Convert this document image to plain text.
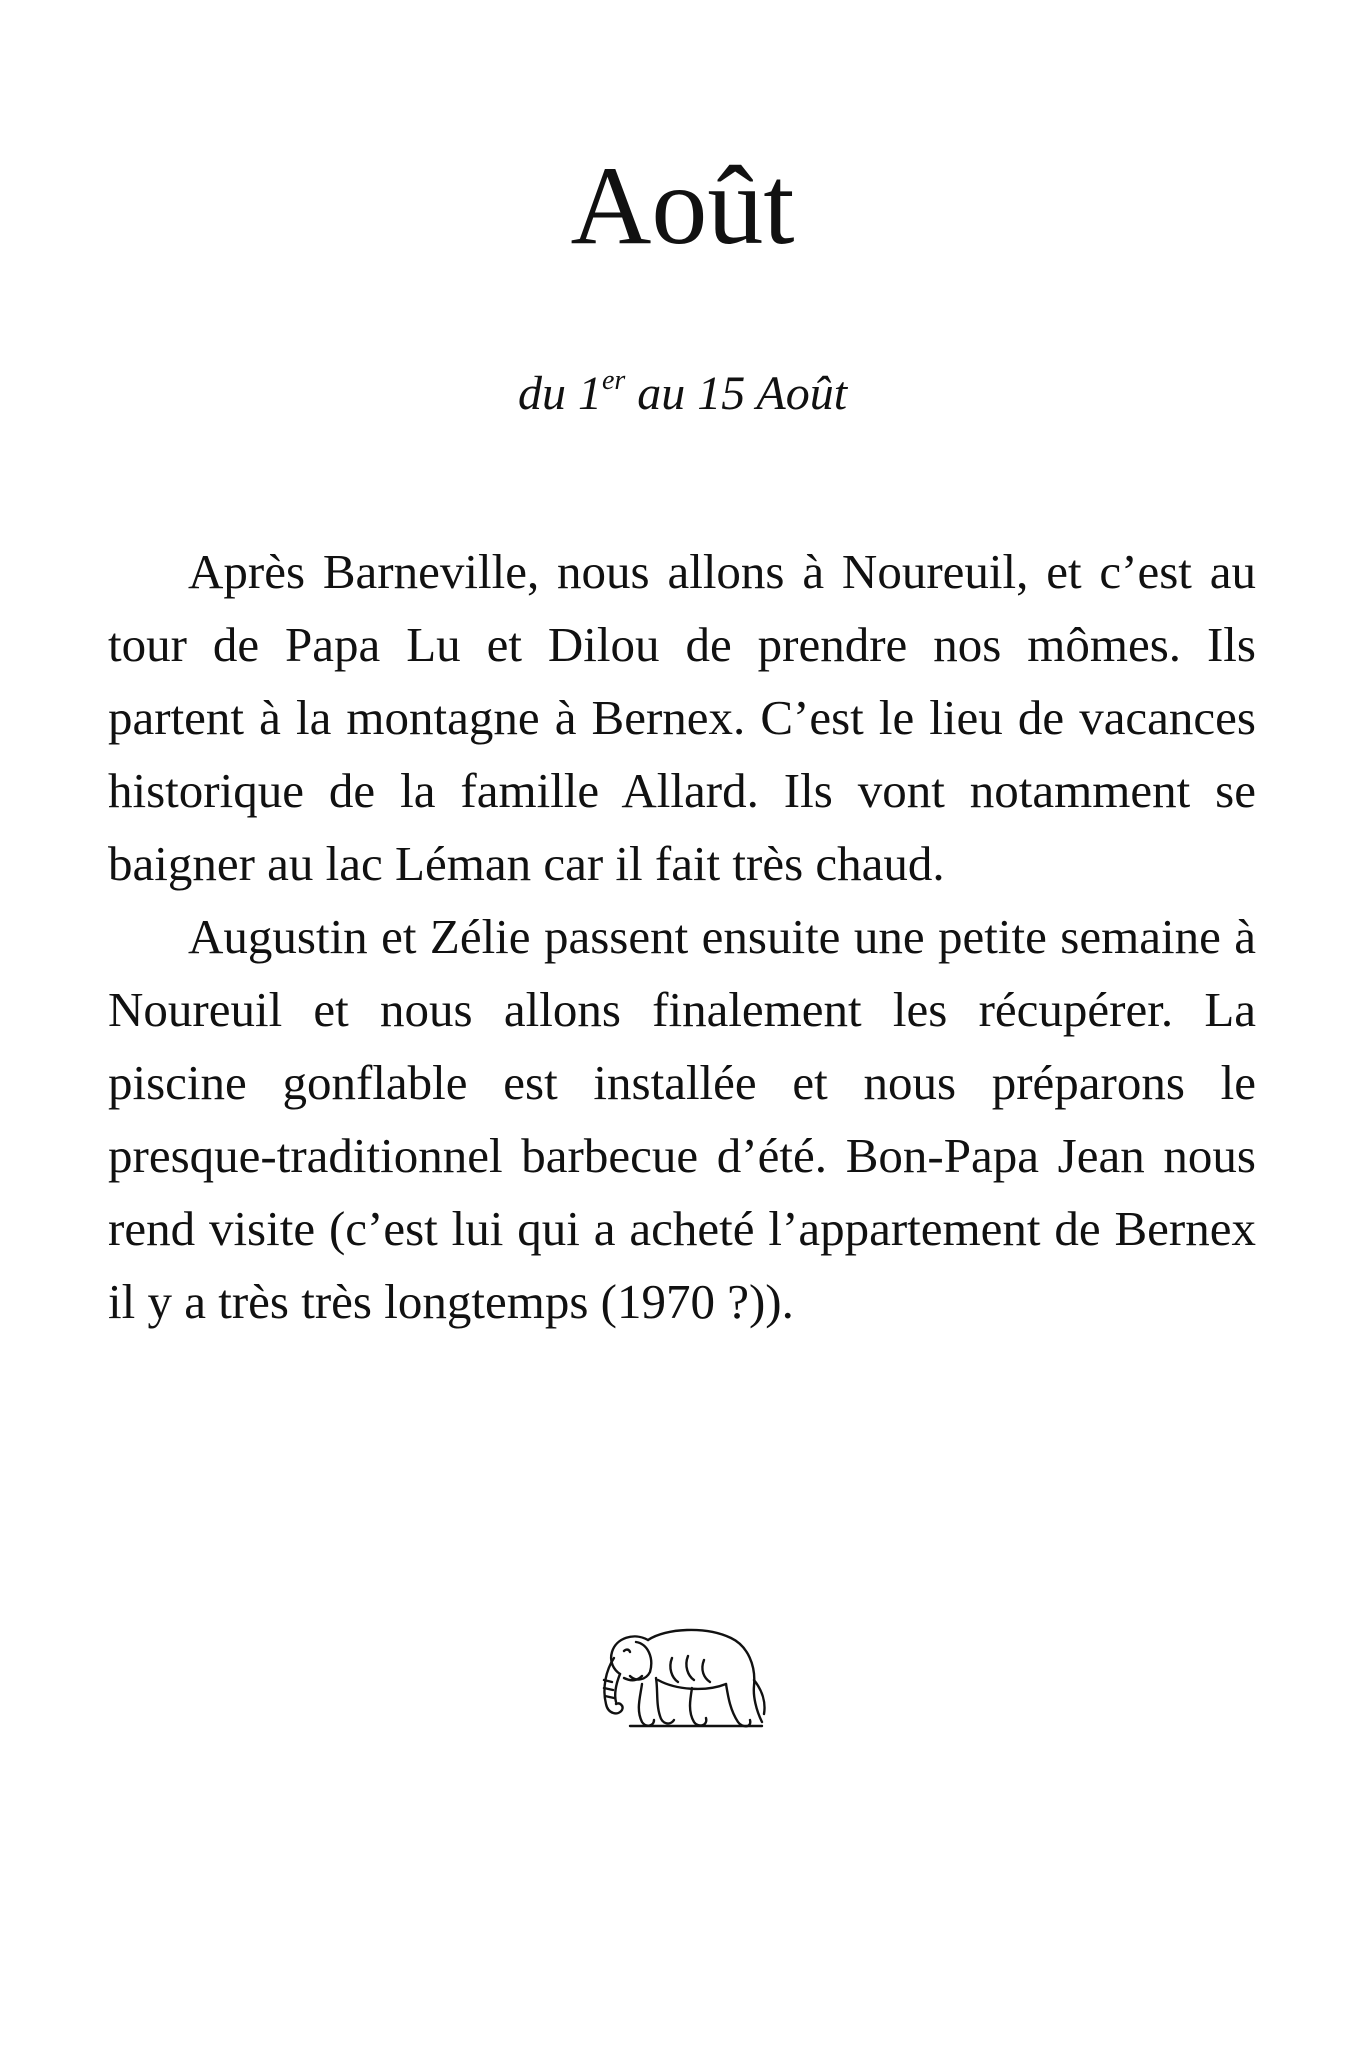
Août
du 1er au 15 Août

Après Barneville, nous allons à Noureuil, et c’est au tour de Papa Lu et Dilou de prendre nos mômes. Ils partent à la montagne à Bernex. C’est le lieu de vacances historique de la famille Allard. Ils vont notamment se baigner au lac Léman car il fait très chaud.

Augustin et Zélie passent ensuite une petite semaine à Noureuil et nous allons finalement les récupérer. La piscine gonflable est installée et nous préparons le presque-traditionnel barbecue d’été. Bon-Papa Jean nous rend visite (c’est lui qui a acheté l’appartement de Bernex il y a très très longtemps (1970 ?)).
